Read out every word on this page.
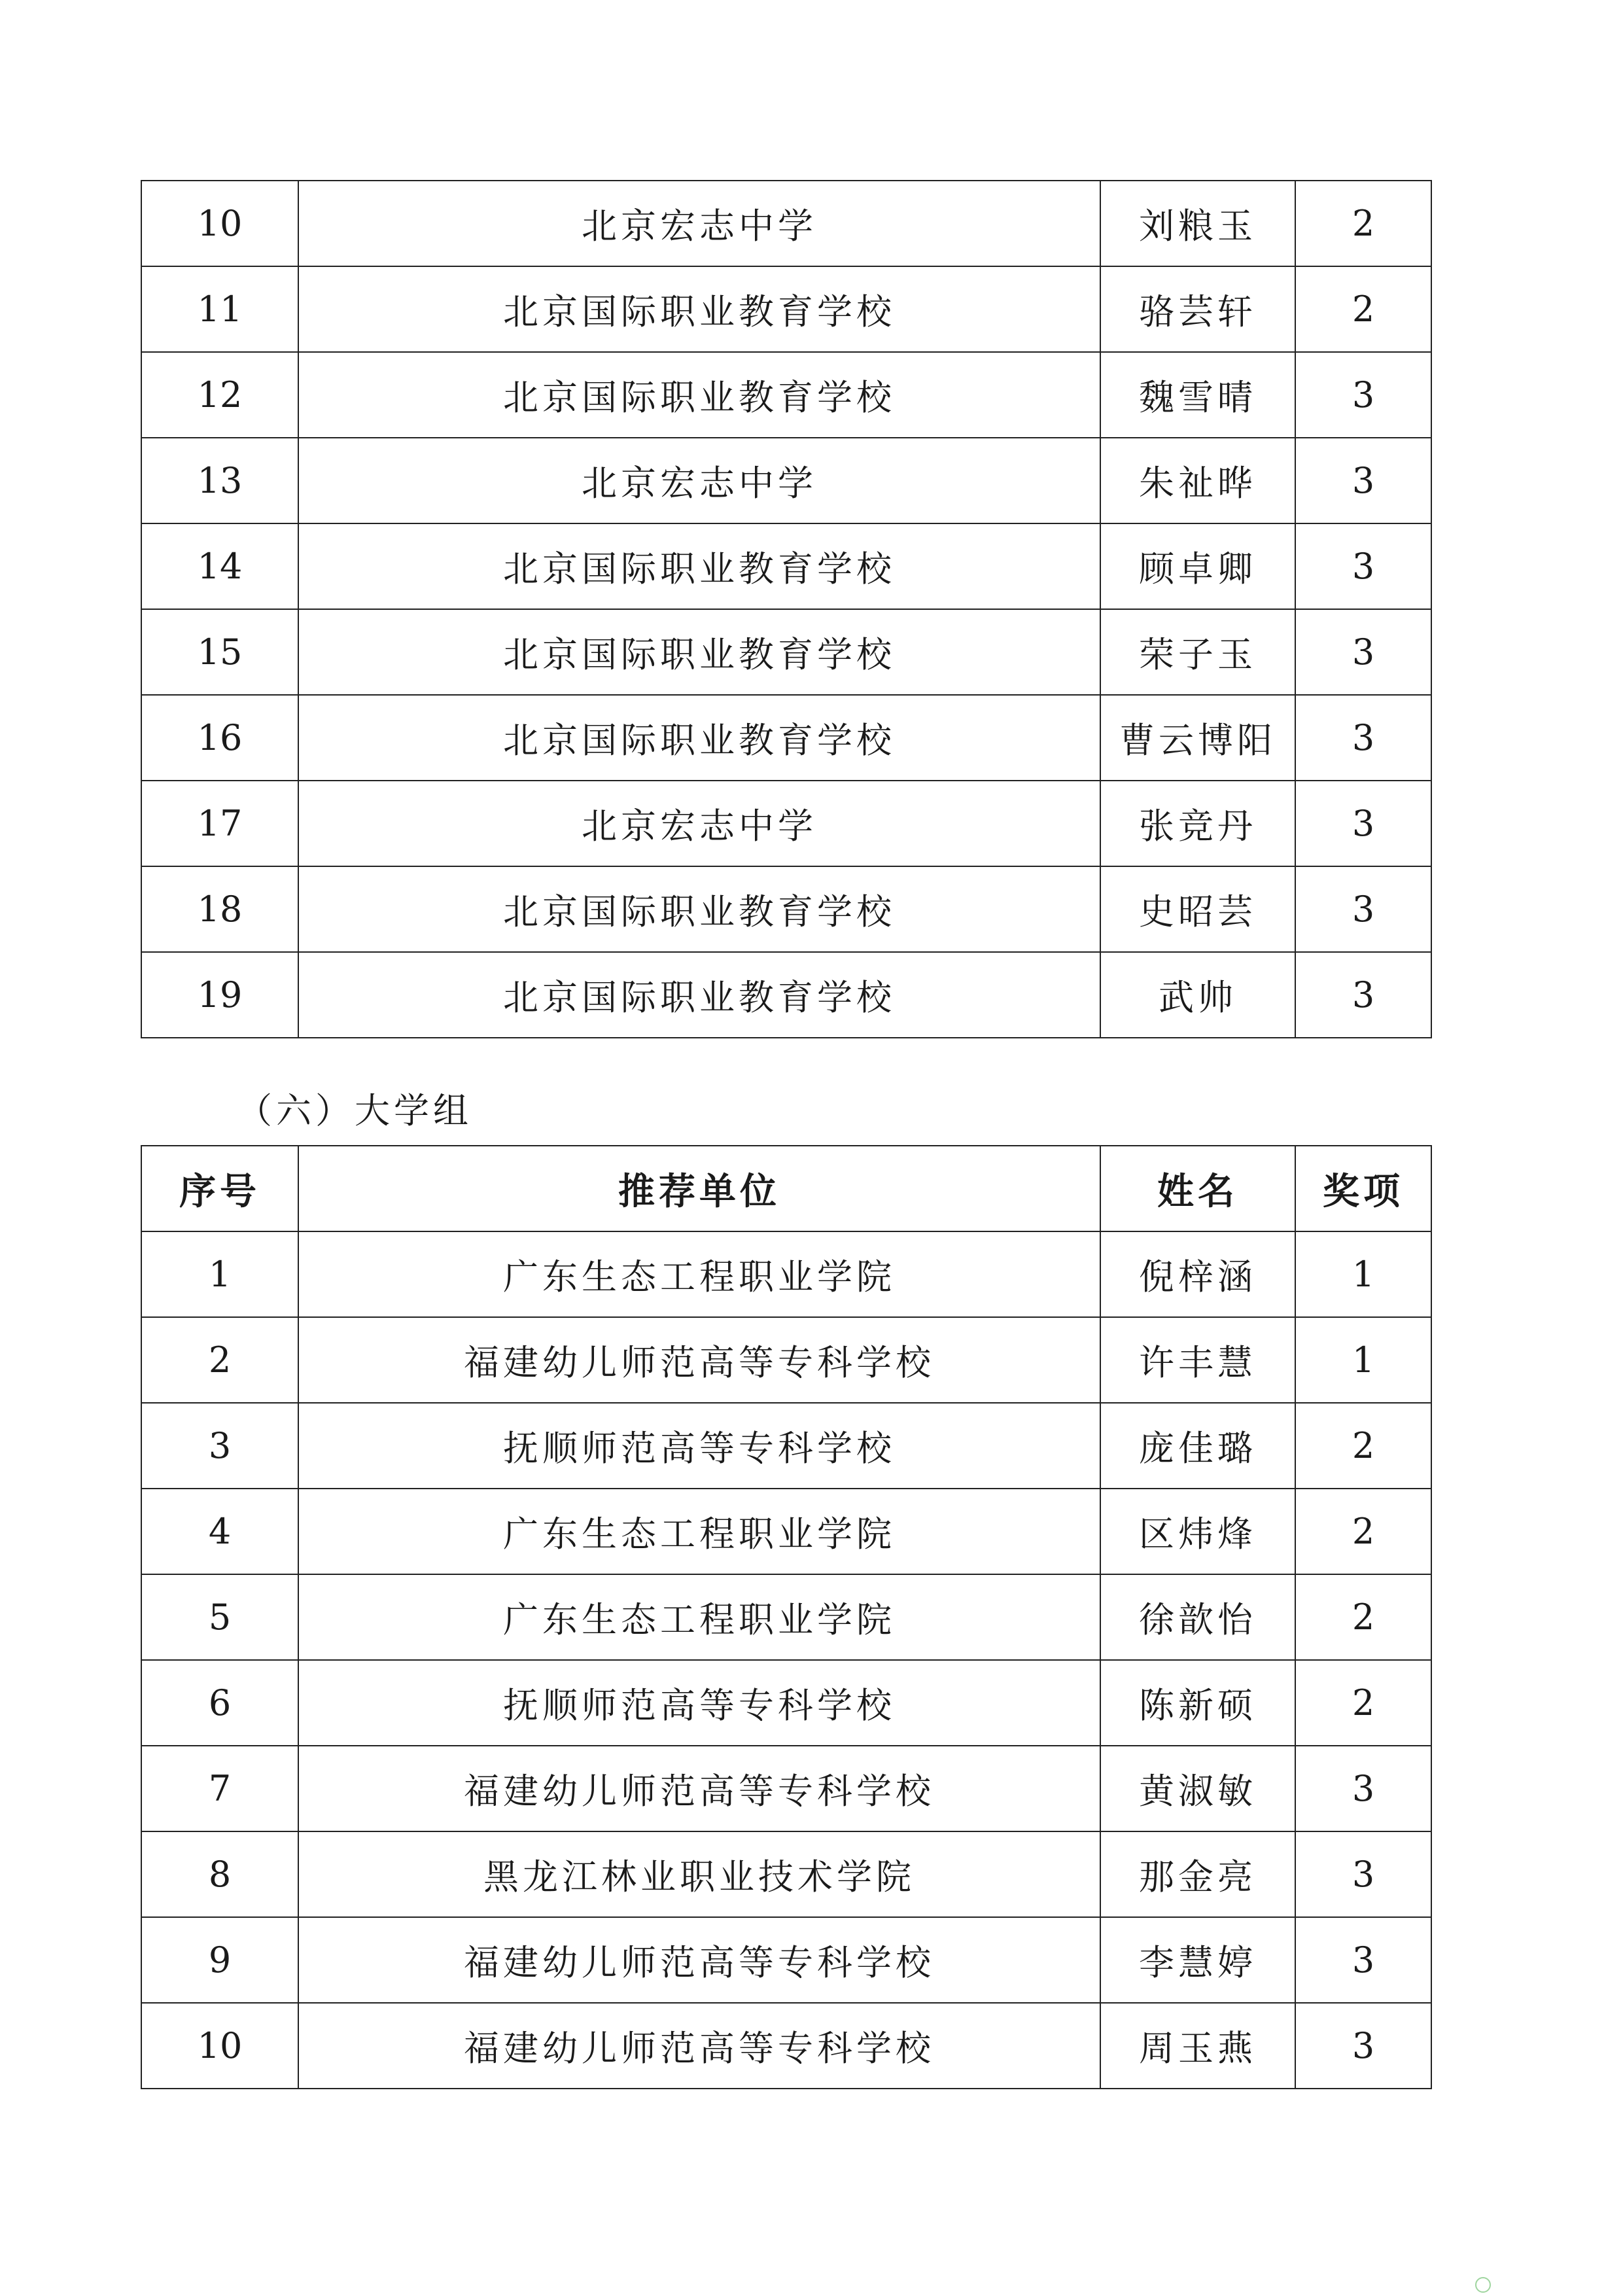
10	北京宏志中学	刘粮玉	2
11	北京国际职业教育学校	骆芸轩	2
12	北京国际职业教育学校	魏雪晴	3
13	北京宏志中学	朱祉晔	3
14	北京国际职业教育学校	顾卓卿	3
15	北京国际职业教育学校	荣子玉	3
16	北京国际职业教育学校	曹云博阳	3
17	北京宏志中学	张竞丹	3
18	北京国际职业教育学校	史昭芸	3
19	北京国际职业教育学校	武帅	3
（六）大学组
序号	推荐单位	姓名	奖项
1	广东生态工程职业学院	倪梓涵	1
2	福建幼儿师范高等专科学校	许丰慧	1
3	抚顺师范高等专科学校	庞佳璐	2
4	广东生态工程职业学院	区炜烽	2
5	广东生态工程职业学院	徐歆怡	2
6	抚顺师范高等专科学校	陈新硕	2
7	福建幼儿师范高等专科学校	黄淑敏	3
8	黑龙江林业职业技术学院	那金亮	3
9	福建幼儿师范高等专科学校	李慧婷	3
10	福建幼儿师范高等专科学校	周玉燕	3
